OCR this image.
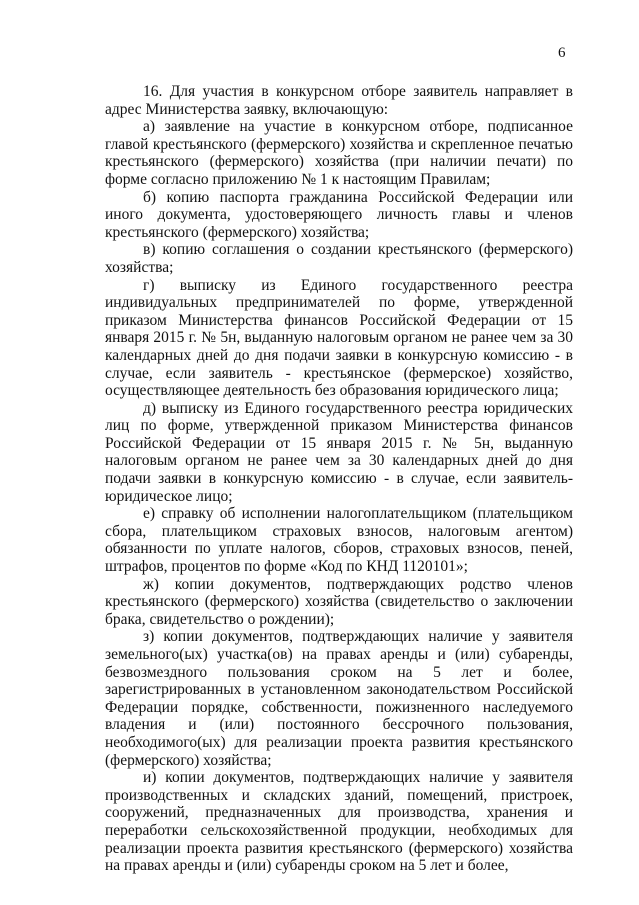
6

16. Для участия в конкурсном отборе заявитель направляет в адрес Министерства заявку, включающую:

а) заявление на участие в конкурсном отборе, подписанное главой крестьянского (фермерского) хозяйства и скрепленное печатью крестьянского (фермерского) хозяйства (при наличии печати) по форме согласно приложению № 1 к настоящим Правилам;

б) копию паспорта гражданина Российской Федерации или иного документа, удостоверяющего личность главы и членов крестьянского (фермерского) хозяйства;

в) копию соглашения о создании крестьянского (фермерского) хозяйства;

г) выписку из Единого государственного реестра индивидуальных предпринимателей по форме, утвержденной приказом Министерства финансов Российской Федерации от 15 января 2015 г. № 5н, выданную налоговым органом не ранее чем за 30 календарных дней до дня подачи заявки в конкурсную комиссию - в случае, если заявитель - крестьянское (фермерское) хозяйство, осуществляющее деятельность без образования юридического лица;

д) выписку из Единого государственного реестра юридических лиц по форме, утвержденной приказом Министерства финансов Российской Федерации от 15 января 2015 г. № 5н, выданную налоговым органом не ранее чем за 30 календарных дней до дня подачи заявки в конкурсную комиссию - в случае, если заявитель- юридическое лицо;

е) справку об исполнении налогоплательщиком (плательщиком сбора, плательщиком страховых взносов, налоговым агентом) обязанности по уплате налогов, сборов, страховых взносов, пеней, штрафов, процентов по форме «Код по КНД 1120101»;

ж) копии документов, подтверждающих родство членов крестьянского (фермерского) хозяйства (свидетельство о заключении брака, свидетельство о рождении);

з) копии документов, подтверждающих наличие у заявителя земельного(ых) участка(ов) на правах аренды и (или) субаренды, безвозмездного пользования сроком на 5 лет и более, зарегистрированных в установленном законодательством Российской Федерации порядке, собственности, пожизненного наследуемого владения и (или) постоянного бессрочного пользования, необходимого(ых) для реализации проекта развития крестьянского (фермерского) хозяйства;

и) копии документов, подтверждающих наличие у заявителя производственных и складских зданий, помещений, пристроек, сооружений, предназначенных для производства, хранения и переработки сельскохозяйственной продукции, необходимых для реализации проекта развития крестьянского (фермерского) хозяйства на правах аренды и (или) субаренды сроком на 5 лет и более,
